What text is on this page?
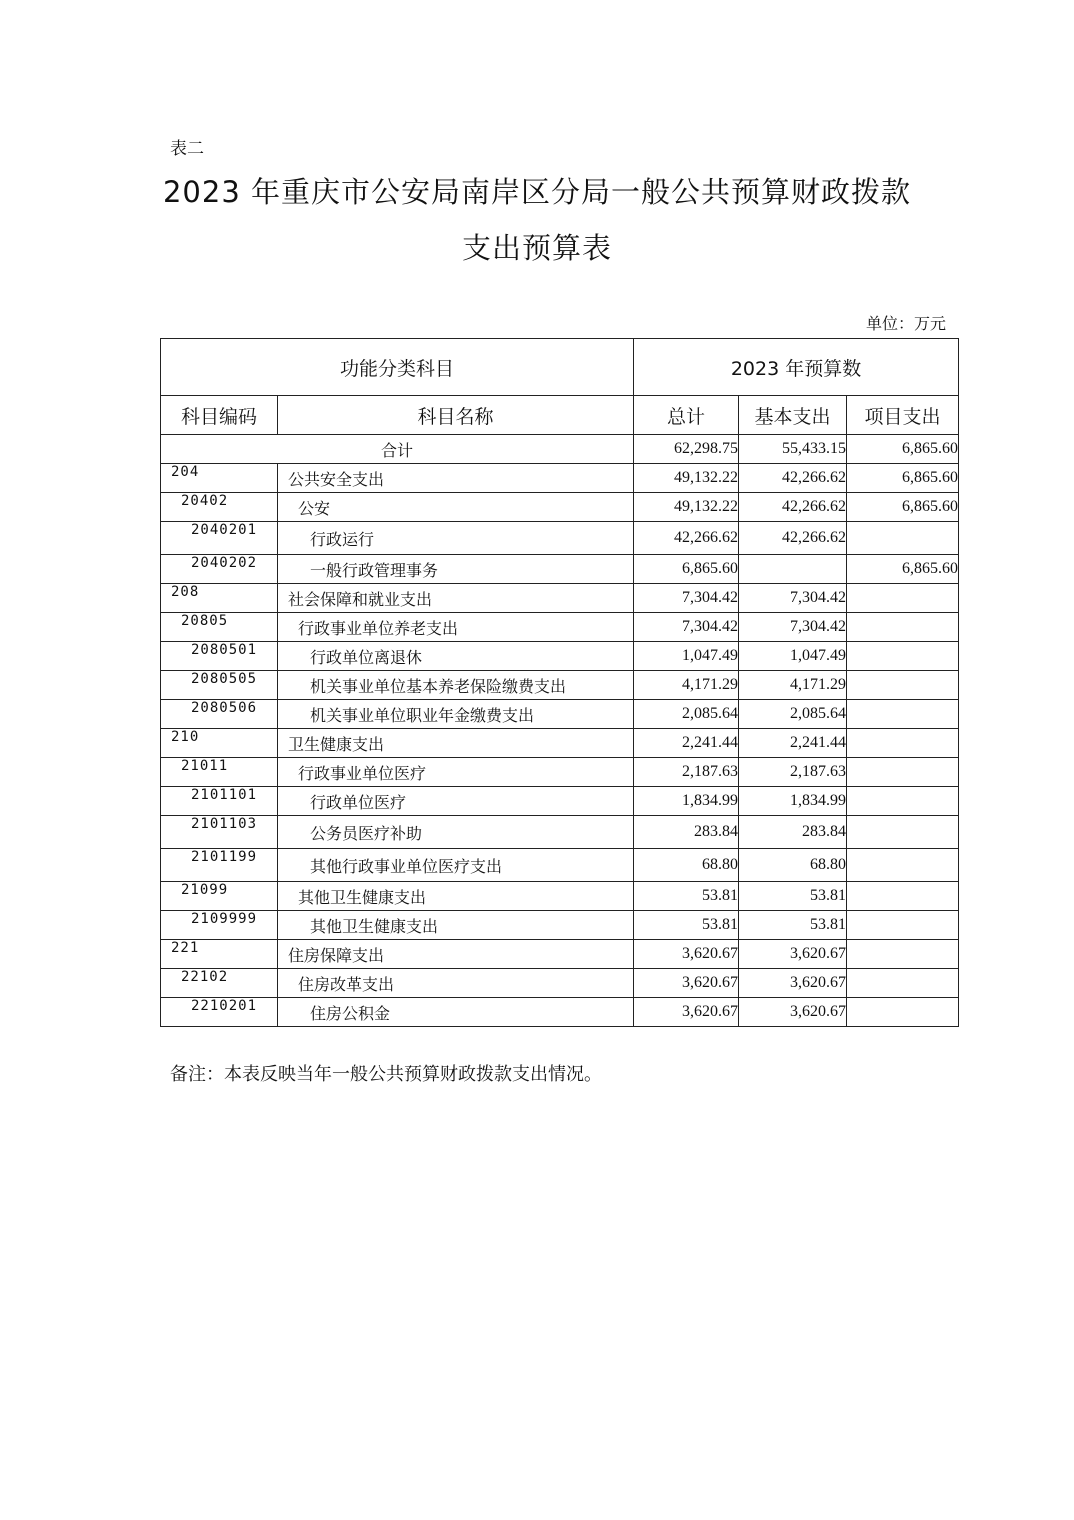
表二
2023 年重庆市公安局南岸区分局一般公共预算财政拨款
支出预算表
单位：万元
功能分类科目		2023 年预算数		
科目编码	科目名称	总计	基本支出	项目支出
合计		62,298.75	55,433.15	6,865.60
204	公共安全支出	49,132.22	42,266.62	6,865.60
20402	公安	49,132.22	42,266.62	6,865.60
2040201	行政运行	42,266.62	42,266.62	
2040202	一般行政管理事务	6,865.60		6,865.60
208	社会保障和就业支出	7,304.42	7,304.42	
20805	行政事业单位养老支出	7,304.42	7,304.42	
2080501	行政单位离退休	1,047.49	1,047.49	
2080505	机关事业单位基本养老保险缴费支出	4,171.29	4,171.29	
2080506	机关事业单位职业年金缴费支出	2,085.64	2,085.64	
210	卫生健康支出	2,241.44	2,241.44	
21011	行政事业单位医疗	2,187.63	2,187.63	
2101101	行政单位医疗	1,834.99	1,834.99	
2101103	公务员医疗补助	283.84	283.84	
2101199	其他行政事业单位医疗支出	68.80	68.80	
21099	其他卫生健康支出	53.81	53.81	
2109999	其他卫生健康支出	53.81	53.81	
221	住房保障支出	3,620.67	3,620.67	
22102	住房改革支出	3,620.67	3,620.67	
2210201	住房公积金	3,620.67	3,620.67	
备注：本表反映当年一般公共预算财政拨款支出情况。
